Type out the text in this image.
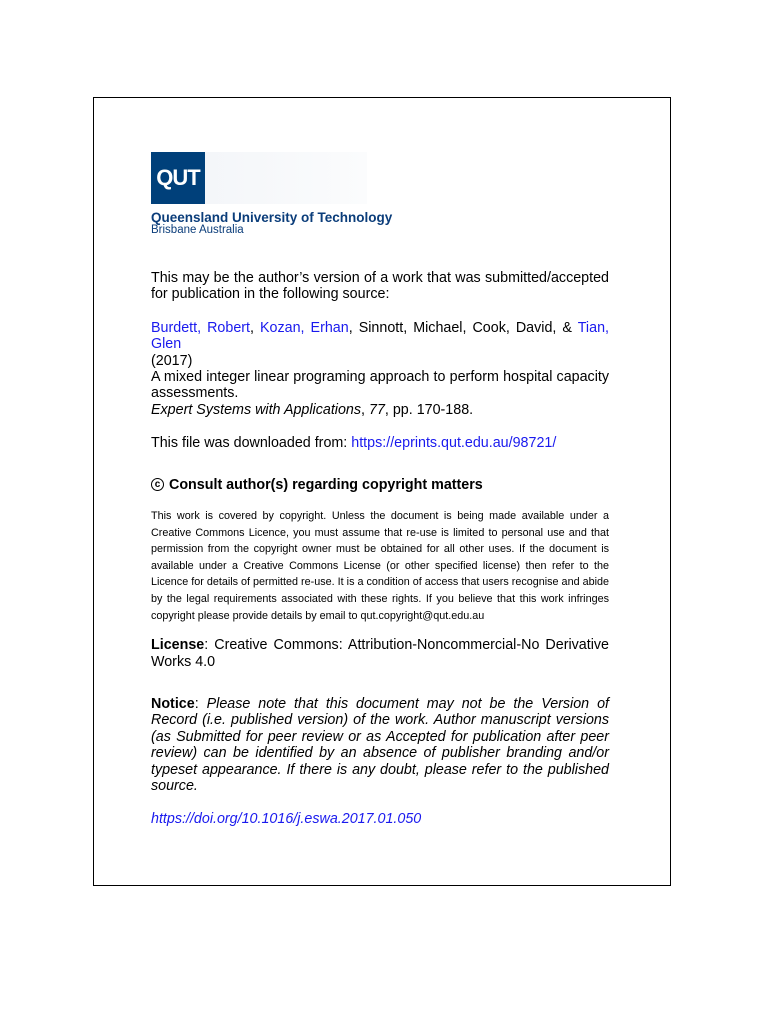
QUT
Queensland University of Technology
Brisbane Australia

This may be the author’s version of a work that was submitted/accepted for publication in the following source:

Burdett, Robert, Kozan, Erhan, Sinnott, Michael, Cook, David, & Tian, Glen
(2017)
A mixed integer linear programing approach to perform hospital capacity assessments.
Expert Systems with Applications, 77, pp. 170-188.
This file was downloaded from: https://eprints.qut.edu.au/98721/
c Consult author(s) regarding copyright matters

This work is covered by copyright. Unless the document is being made available under a Creative Commons Licence, you must assume that re-use is limited to personal use and that permission from the copyright owner must be obtained for all other uses. If the document is available under a Creative Commons License (or other specified license) then refer to the Licence for details of permitted re-use. It is a condition of access that users recognise and abide by the legal requirements associated with these rights. If you believe that this work infringes copyright please provide details by email to qut.copyright@qut.edu.au

License: Creative Commons: Attribution-Noncommercial-No Derivative Works 4.0
Notice: Please note that this document may not be the Version of Record (i.e. published version) of the work. Author manuscript versions (as Submitted for peer review or as Accepted for publication after peer review) can be identified by an absence of publisher branding and/or typeset appearance. If there is any doubt, please refer to the published source.
https://doi.org/10.1016/j.eswa.2017.01.050
